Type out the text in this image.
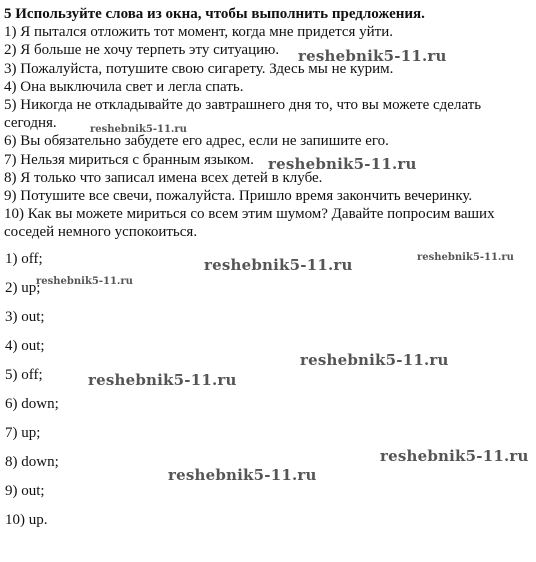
5 Используйте слова из окна, чтобы выполнить предложения.

1) Я пытался отложить тот момент, когда мне придется уйти.

2) Я больше не хочу терпеть эту ситуацию.

3) Пожалуйста, потушите свою сигарету. Здесь мы не курим.

4) Она выключила свет и легла спать.

5) Никогда не откладывайте до завтрашнего дня то, что вы можете сделать сегодня.

6) Вы обязательно забудете его адрес, если не запишите его.

7) Нельзя мириться с бранным языком.

8) Я только что записал имена всех детей в клубе.

9) Потушите все свечи, пожалуйста. Пришло время закончить вечеринку.

10) Как вы можете мириться со всем этим шумом? Давайте попросим ваших соседей немного успокоиться.

1) off;
2) up;
3) out;
4) out;
5) off;
6) down;
7) up;
8) down;
9) out;
10) up.
reshebnik5-11.ru
reshebnik5-11.ru
reshebnik5-11.ru
reshebnik5-11.ru	reshebnik5-11.ru
reshebnik5-11.ru
reshebnik5-11.ru
reshebnik5-11.ru
reshebnik5-11.ru
reshebnik5-11.ru
